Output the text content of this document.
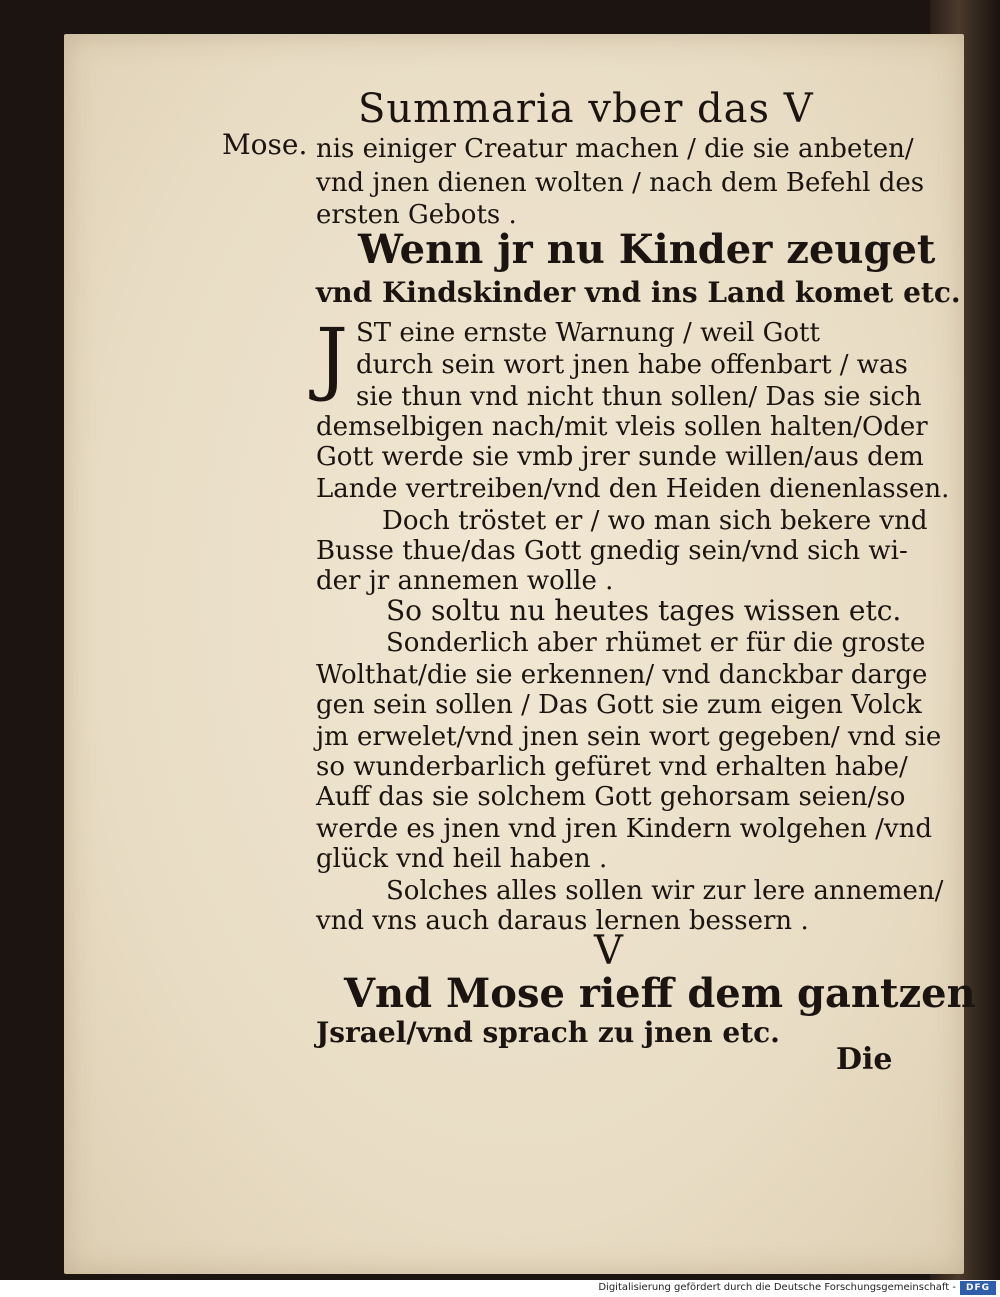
Summaria vber das V
Mose. nis einiger Creatur machen / die sie anbeten/
vnd jnen dienen wolten / nach dem Befehl des
ersten Gebots .
Wenn jr nu Kinder zeuget
vnd Kindskinder vnd ins Land komet etc.
J ST eine ernste Warnung / weil Gott
durch sein wort jnen habe offenbart / was
sie thun vnd nicht thun sollen/ Das sie sich
demselbigen nach/mit vleis sollen halten/Oder
Gott werde sie vmb jrer sunde willen/aus dem
Lande vertreiben/vnd den Heiden dienenlassen.
Doch tröstet er / wo man sich bekere vnd
Busse thue/das Gott gnedig sein/vnd sich wi-
der jr annemen wolle .
So soltu nu heutes tages wissen etc.
Sonderlich aber rhümet er für die groste
Wolthat/die sie erkennen/ vnd danckbar darge
gen sein sollen / Das Gott sie zum eigen Volck
jm erwelet/vnd jnen sein wort gegeben/ vnd sie
so wunderbarlich gefüret vnd erhalten habe/
Auff das sie solchem Gott gehorsam seien/so
werde es jnen vnd jren Kindern wolgehen /vnd
glück vnd heil haben .
Solches alles sollen wir zur lere annemen/
vnd vns auch daraus lernen bessern .
V
Vnd Mose rieff dem gantzen
Jsrael/vnd sprach zu jnen etc.
Die
Digitalisierung gefördert durch die Deutsche Forschungsgemeinschaft -	DFG
